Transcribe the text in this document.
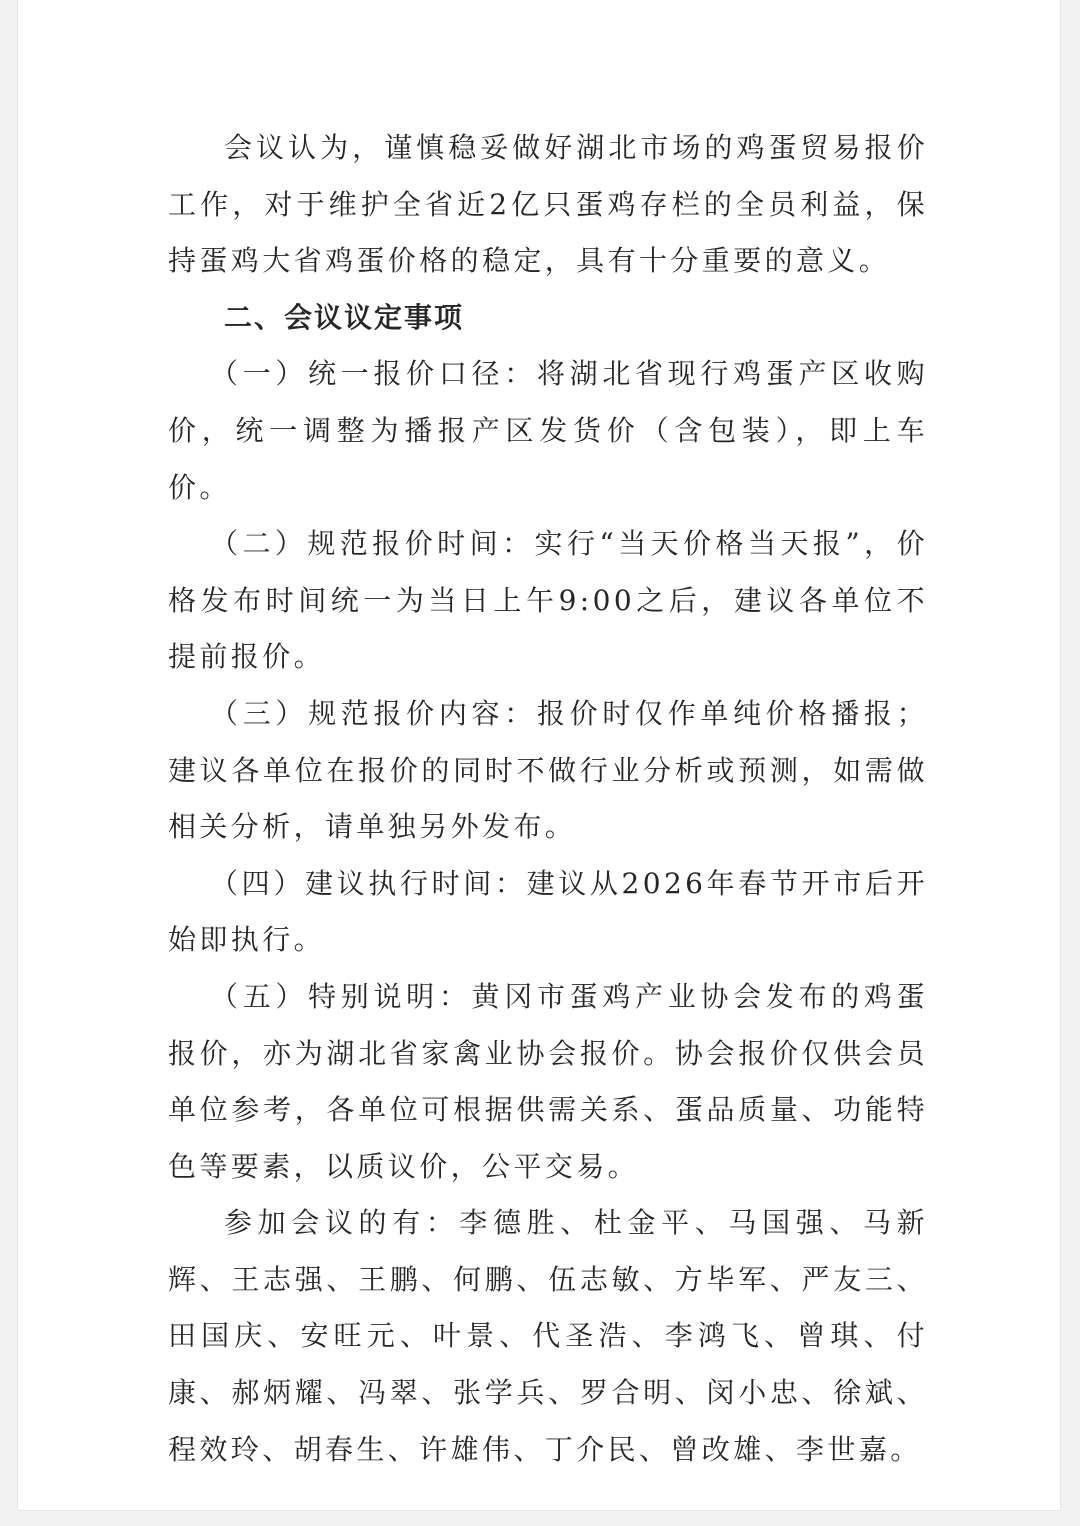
会议认为，谨慎稳妥做好湖北市场的鸡蛋贸易报价工作，对于维护全省近2亿只蛋鸡存栏的全员利益，保持蛋鸡大省鸡蛋价格的稳定，具有十分重要的意义。

二、会议议定事项

（一）统一报价口径：将湖北省现行鸡蛋产区收购价，统一调整为播报产区发货价（含包装），即上车价。

（二）规范报价时间：实行“当天价格当天报”，价格发布时间统一为当日上午9:00之后，建议各单位不提前报价。

（三）规范报价内容：报价时仅作单纯价格播报；建议各单位在报价的同时不做行业分析或预测，如需做相关分析，请单独另外发布。

（四）建议执行时间：建议从2026年春节开市后开始即执行。

（五）特别说明：黄冈市蛋鸡产业协会发布的鸡蛋报价，亦为湖北省家禽业协会报价。协会报价仅供会员单位参考，各单位可根据供需关系、蛋品质量、功能特色等要素，以质议价，公平交易。

参加会议的有：李德胜、杜金平、马国强、马新辉、王志强、王鹏、何鹏、伍志敏、方毕军、严友三、田国庆、安旺元、叶景、代圣浩、李鸿飞、曾琪、付康、郝炳耀、冯翠、张学兵、罗合明、闵小忠、徐斌、程效玲、胡春生、许雄伟、丁介民、曾改雄、李世嘉。
